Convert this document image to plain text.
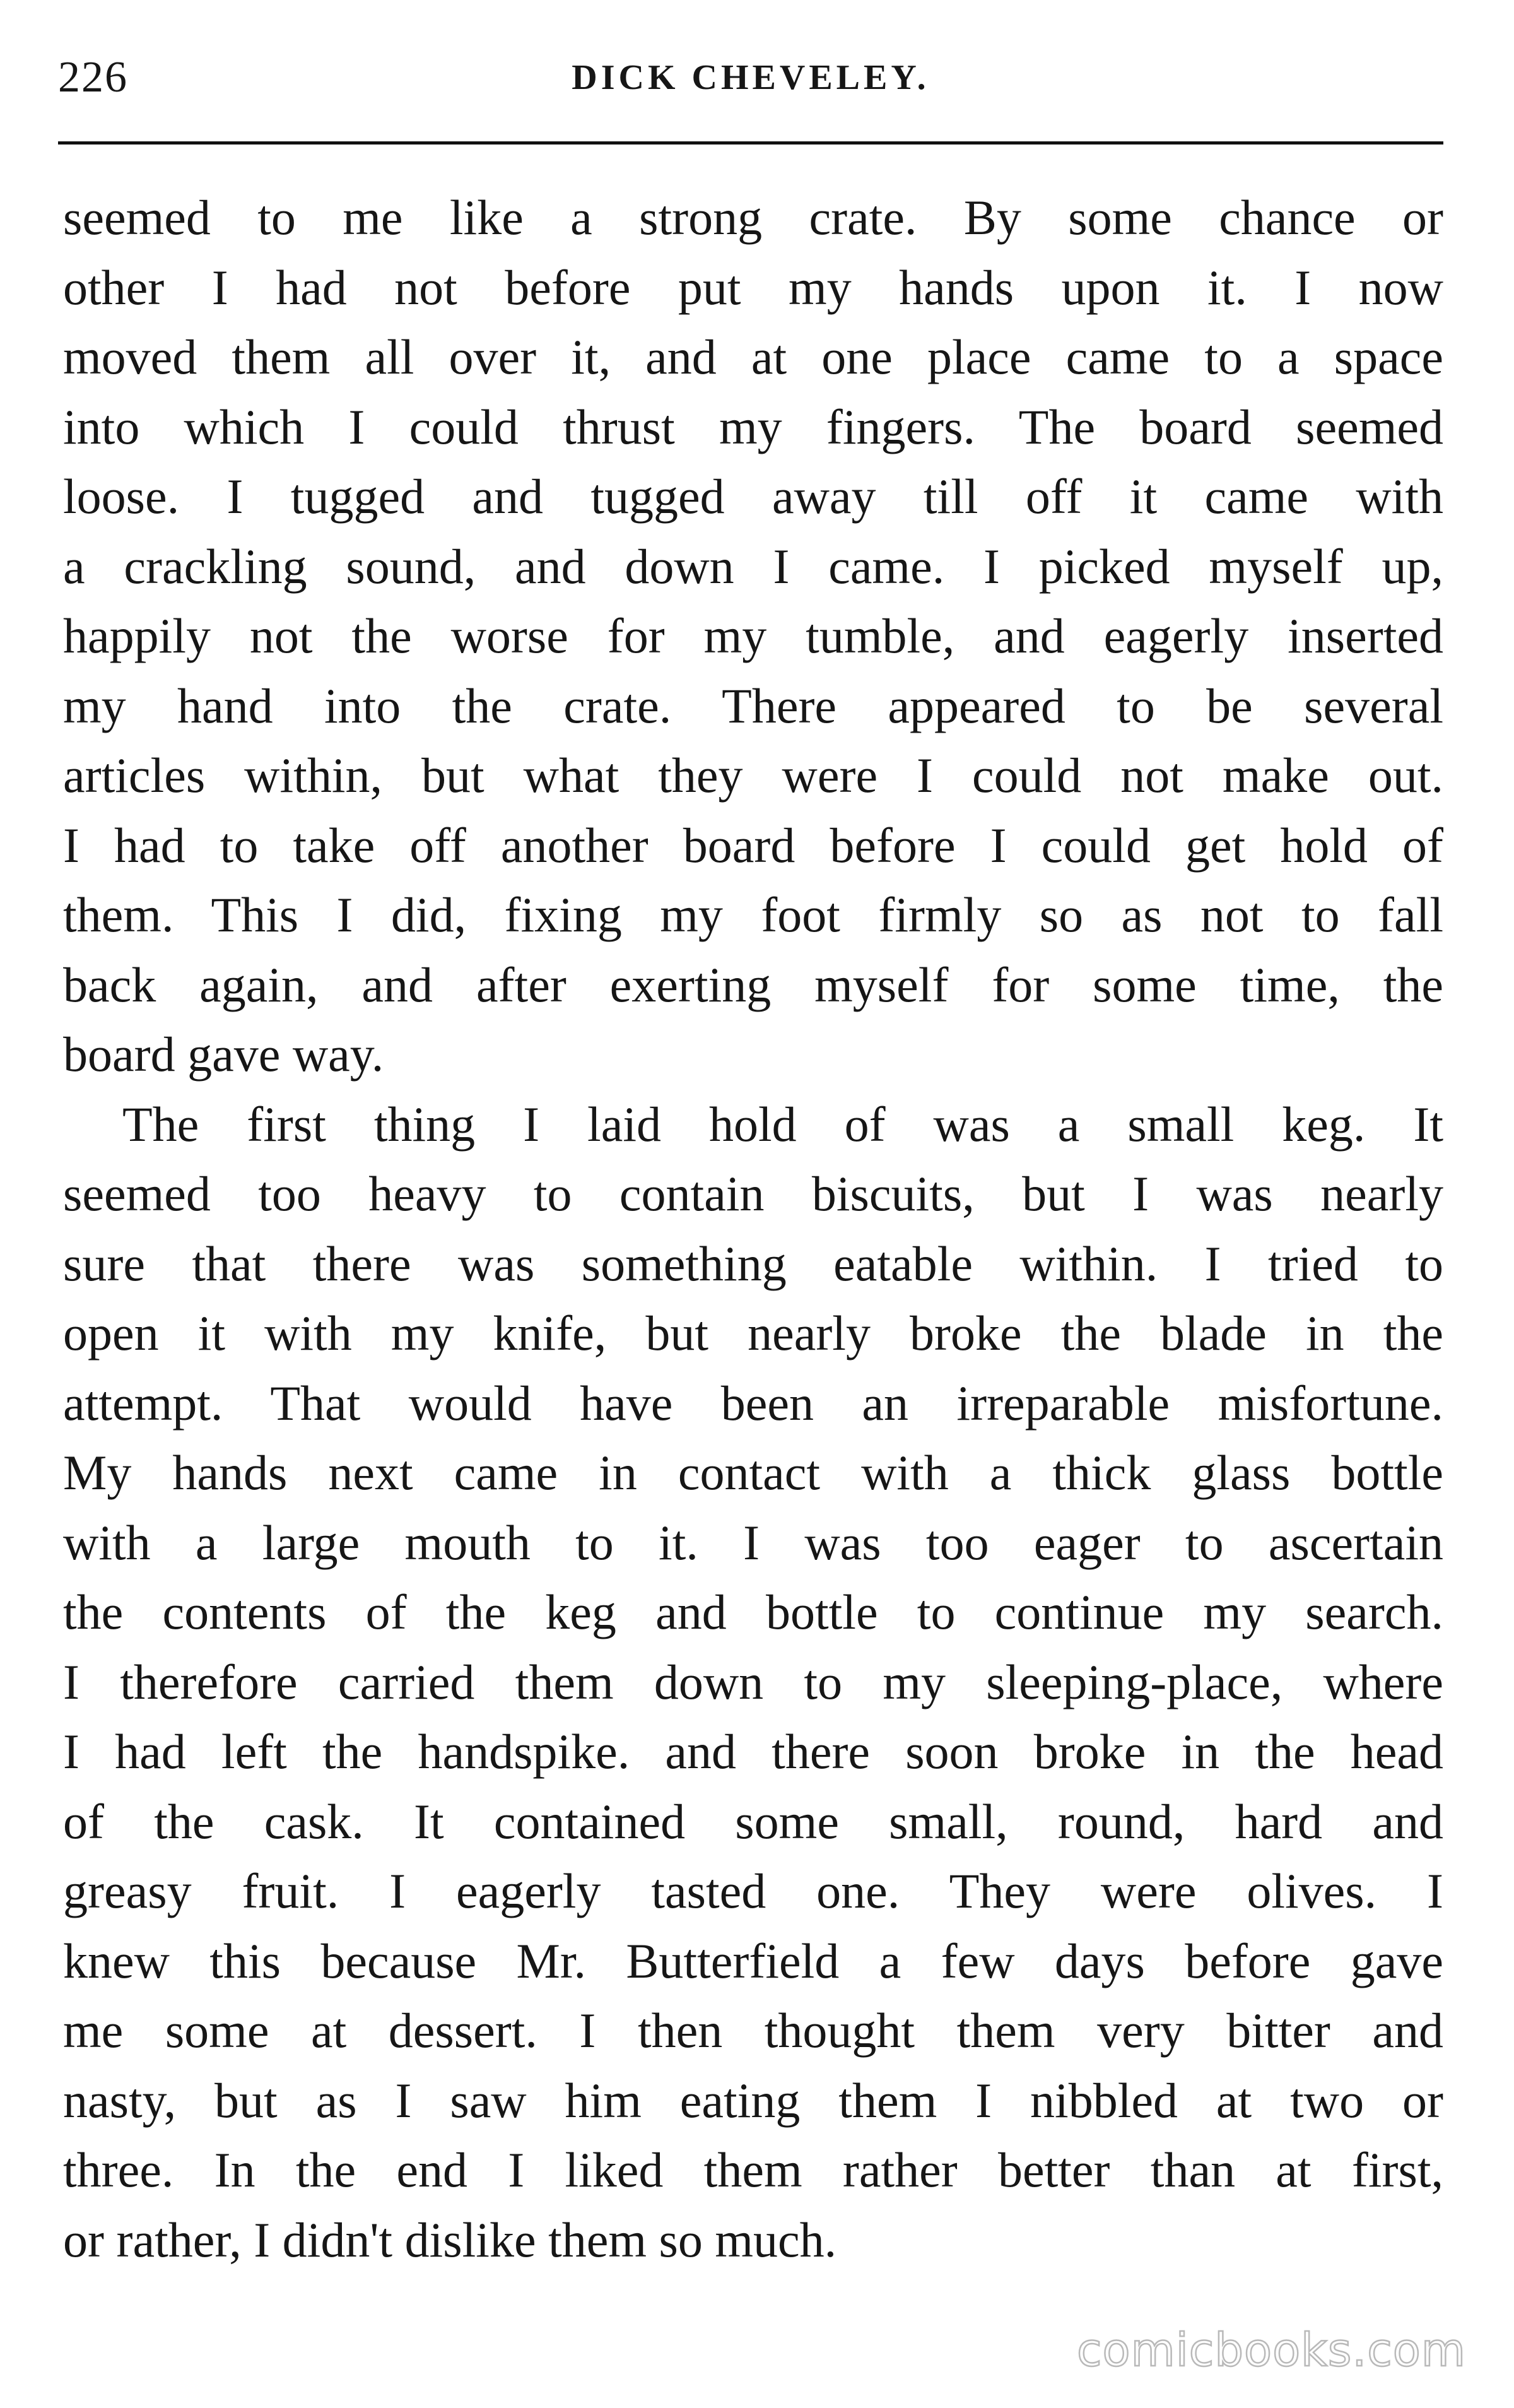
226	DICK CHEVELEY.
seemed to me like a strong crate. By some chance or
other I had not before put my hands upon it. I now
moved them all over it, and at one place came to a space
into which I could thrust my fingers. The board seemed
loose. I tugged and tugged away till off it came with
a crackling sound, and down I came. I picked myself up,
happily not the worse for my tumble, and eagerly inserted
my hand into the crate. There appeared to be several
articles within, but what they were I could not make out.
I had to take off another board before I could get hold of
them. This I did, fixing my foot firmly so as not to fall
back again, and after exerting myself for some time, the
board gave way.
The first thing I laid hold of was a small keg. It
seemed too heavy to contain biscuits, but I was nearly
sure that there was something eatable within. I tried to
open it with my knife, but nearly broke the blade in the
attempt. That would have been an irreparable misfortune.
My hands next came in contact with a thick glass bottle
with a large mouth to it. I was too eager to ascertain
the contents of the keg and bottle to continue my search.
I therefore carried them down to my sleeping-place, where
I had left the handspike. and there soon broke in the head
of the cask. It contained some small, round, hard and
greasy fruit. I eagerly tasted one. They were olives. I
knew this because Mr. Butterfield a few days before gave
me some at dessert. I then thought them very bitter and
nasty, but as I saw him eating them I nibbled at two or
three. In the end I liked them rather better than at first,
or rather, I didn't dislike them so much.
comicbooks.com
